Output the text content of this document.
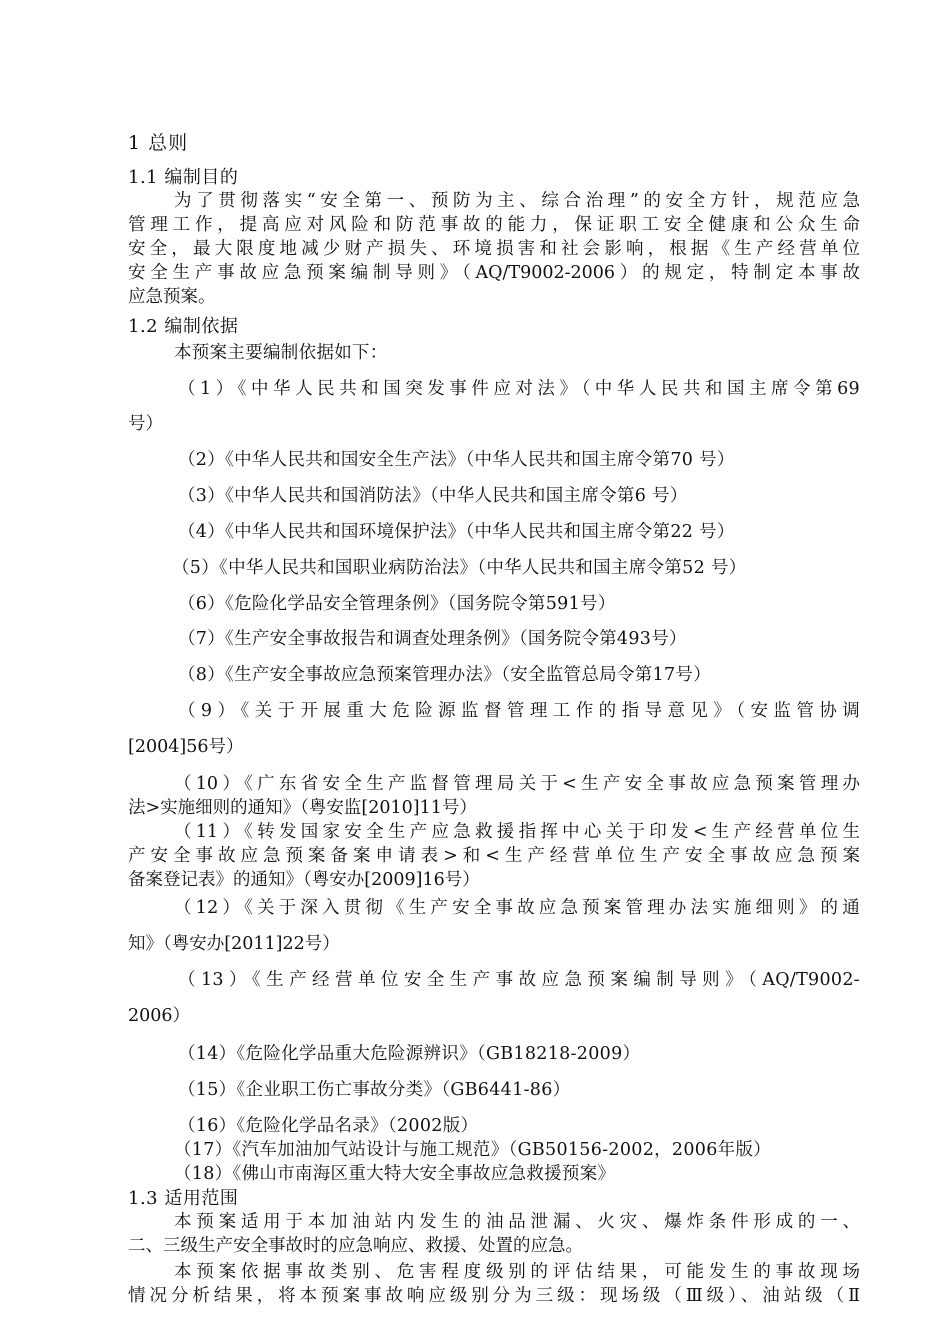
1 总则
1.1 编制目的
为了贯彻落实“安全第一、预防为主、综合治理”的安全方针，规范应急
管理工作，提高应对风险和防范事故的能力，保证职工安全健康和公众生命
安全，最大限度地减少财产损失、环境损害和社会影响，根据《生产经营单位
安全生产事故应急预案编制导则》（AQ/T9002-2006）的规定，特制定本事故
应急预案。
1.2 编制依据
本预案主要编制依据如下：
（1）《中华人民共和国突发事件应对法》（中华人民共和国主席令第69
号）
（2）《中华人民共和国安全生产法》（中华人民共和国主席令第70 号）
（3）《中华人民共和国消防法》（中华人民共和国主席令第6 号）
（4）《中华人民共和国环境保护法》（中华人民共和国主席令第22 号）
（5）《中华人民共和国职业病防治法》（中华人民共和国主席令第52 号）
（6）《危险化学品安全管理条例》（国务院令第591号）
（7）《生产安全事故报告和调查处理条例》（国务院令第493号）
（8）《生产安全事故应急预案管理办法》（安全监管总局令第17号）
（9）《关于开展重大危险源监督管理工作的指导意见》（安监管协调
[2004]56号）
（10）《广东省安全生产监督管理局关于<生产安全事故应急预案管理办
法>实施细则的通知》（粤安监[2010]11号）
（11）《转发国家安全生产应急救援指挥中心关于印发<生产经营单位生
产安全事故应急预案备案申请表>和<生产经营单位生产安全事故应急预案
备案登记表》的通知》（粤安办[2009]16号）
（12）《关于深入贯彻《生产安全事故应急预案管理办法实施细则》的通
知》（粤安办[2011]22号）
（13）《生产经营单位安全生产事故应急预案编制导则》（AQ/T9002-
2006）
（14）《危险化学品重大危险源辨识》（GB18218-2009）
（15）《企业职工伤亡事故分类》（GB6441-86）
（16）《危险化学品名录》（2002版）
（17）《汽车加油加气站设计与施工规范》（GB50156-2002，2006年版）
（18）《佛山市南海区重大特大安全事故应急救援预案》
1.3 适用范围
本预案适用于本加油站内发生的油品泄漏、火灾、爆炸条件形成的一、
二、三级生产安全事故时的应急响应、救援、处置的应急。
本预案依据事故类别、危害程度级别的评估结果，可能发生的事故现场
情况分析结果，将本预案事故响应级别分为三级：现场级（Ⅲ级）、油站级（Ⅱ
